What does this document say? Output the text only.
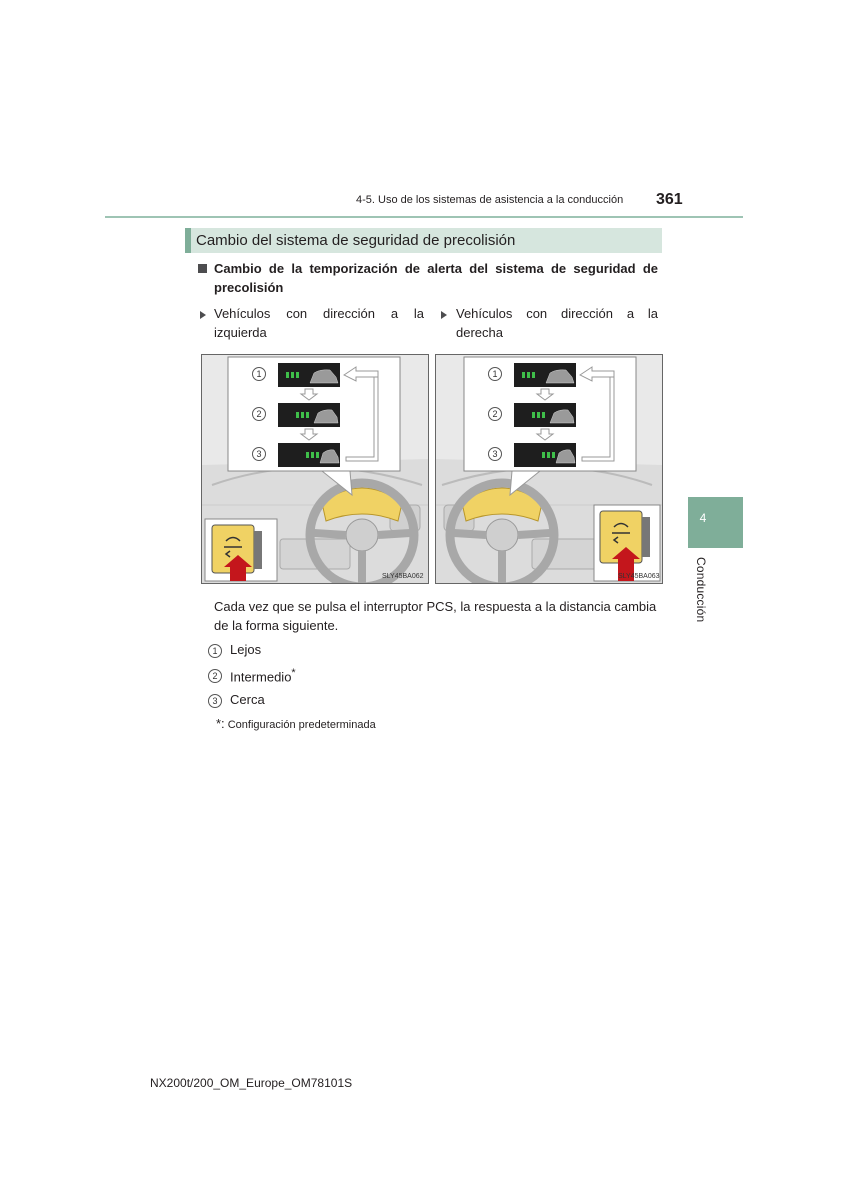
4-5. Uso de los sistemas de asistencia a la conducción 361
4
Conducción
Cambio del sistema de seguridad de precolisión
Cambio de la temporización de alerta del sistema de seguridad de precolisión
Vehículos con dirección a la izquierda
Vehículos con dirección a la derecha
1
2
3
SLY45BA062
1
2
3
SLY45BA063
Cada vez que se pulsa el interruptor PCS, la respuesta a la distancia cambia de la forma siguiente.
1 Lejos
2 Intermedio*
3 Cerca
*: Configuración predeterminada
NX200t/200_OM_Europe_OM78101S
